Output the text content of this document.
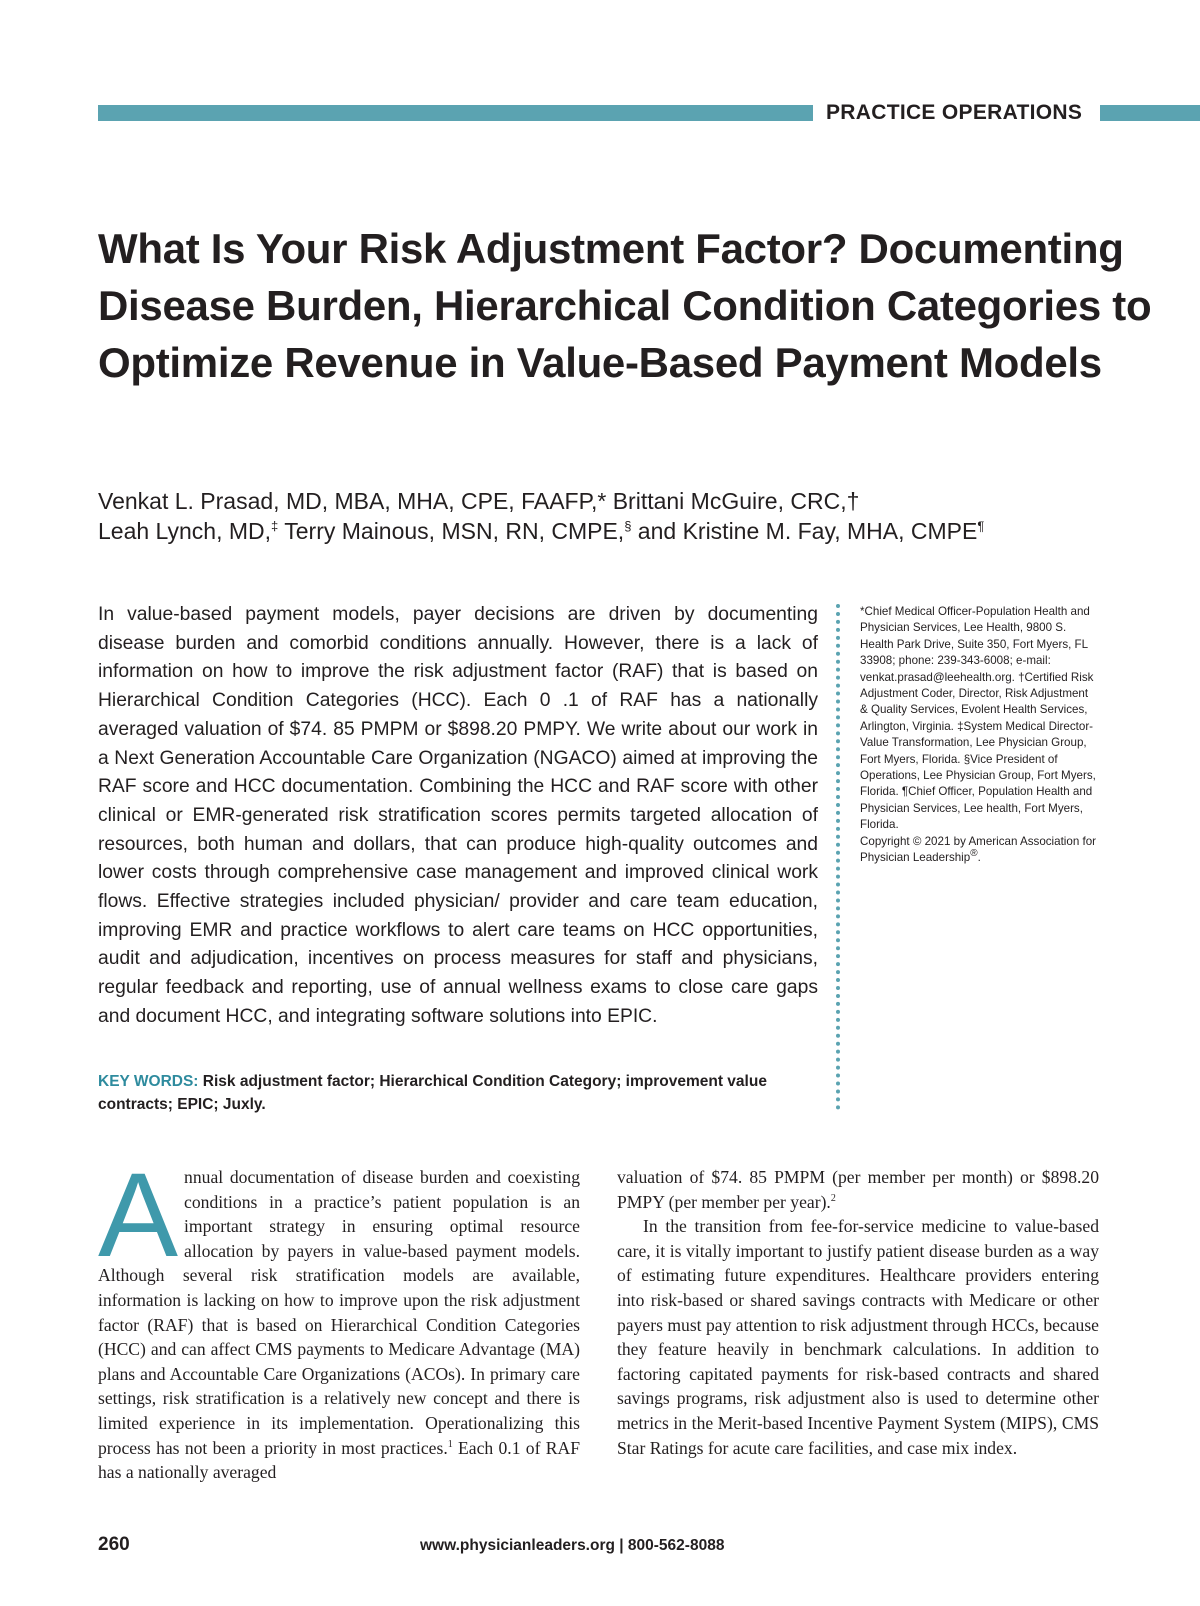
PRACTICE OPERATIONS
What Is Your Risk Adjustment Factor? Documenting Disease Burden, Hierarchical Condition Categories to Optimize Revenue in Value-Based Payment Models
Venkat L. Prasad, MD, MBA, MHA, CPE, FAAFP,* Brittani McGuire, CRC,†
Leah Lynch, MD,‡ Terry Mainous, MSN, RN, CMPE,§ and Kristine M. Fay, MHA, CMPE¶
In value-based payment models, payer decisions are driven by documenting disease burden and comorbid conditions annually. However, there is a lack of information on how to improve the risk adjustment factor (RAF) that is based on Hierarchical Condition Categories (HCC). Each 0 .1 of RAF has a nationally averaged valuation of $74. 85 PMPM or $898.20 PMPY. We write about our work in a Next Generation Accountable Care Organization (NGACO) aimed at improving the RAF score and HCC documentation. Combining the HCC and RAF score with other clinical or EMR-generated risk stratification scores permits targeted allocation of resources, both human and dollars, that can produce high-quality outcomes and lower costs through comprehensive case management and improved clinical work flows. Effective strategies included physician/ provider and care team education, improving EMR and practice workflows to alert care teams on HCC opportunities, audit and adjudication, incentives on process measures for staff and physicians, regular feedback and reporting, use of annual wellness exams to close care gaps and document HCC, and integrating software solutions into EPIC.
KEY WORDS: Risk adjustment factor; Hierarchical Condition Category; improvement value contracts; EPIC; Juxly.
*Chief Medical Officer-Population Health and Physician Services, Lee Health, 9800 S. Health Park Drive, Suite 350, Fort Myers, FL 33908; phone: 239-343-6008; e-mail: venkat.prasad@leehealth.org. †Certified Risk Adjustment Coder, Director, Risk Adjustment & Quality Services, Evolent Health Services, Arlington, Virginia. ‡System Medical Director-Value Transformation, Lee Physician Group, Fort Myers, Florida. §Vice President of Operations, Lee Physician Group, Fort Myers, Florida. ¶Chief Officer, Population Health and Physician Services, Lee health, Fort Myers, Florida.
Copyright © 2021 by American Association for Physician Leadership®.

Annual documentation of disease burden and coexisting conditions in a practice’s patient population is an important strategy in ensuring optimal resource allocation by payers in value-based payment models. Although several risk stratification models are available, information is lacking on how to improve upon the risk adjustment factor (RAF) that is based on Hierarchical Condition Categories (HCC) and can affect CMS payments to Medicare Advantage (MA) plans and Accountable Care Organizations (ACOs). In primary care settings, risk stratification is a relatively new concept and there is limited experience in its implementation. Operationalizing this process has not been a priority in most practices.$^1$ Each 0.1 of RAF has a nationally averaged

valuation of $74. 85 PMPM (per member per month) or $898.20 PMPY (per member per year).$^2$

In the transition from fee-for-service medicine to value-based care, it is vitally important to justify patient disease burden as a way of estimating future expenditures. Healthcare providers entering into risk-based or shared savings contracts with Medicare or other payers must pay attention to risk adjustment through HCCs, because they feature heavily in benchmark calculations. In addition to factoring capitated payments for risk-based contracts and shared savings programs, risk adjustment also is used to determine other metrics in the Merit-based Incentive Payment System (MIPS), CMS Star Ratings for acute care facilities, and case mix index.

260	www.physicianleaders.org | 800-562-8088
